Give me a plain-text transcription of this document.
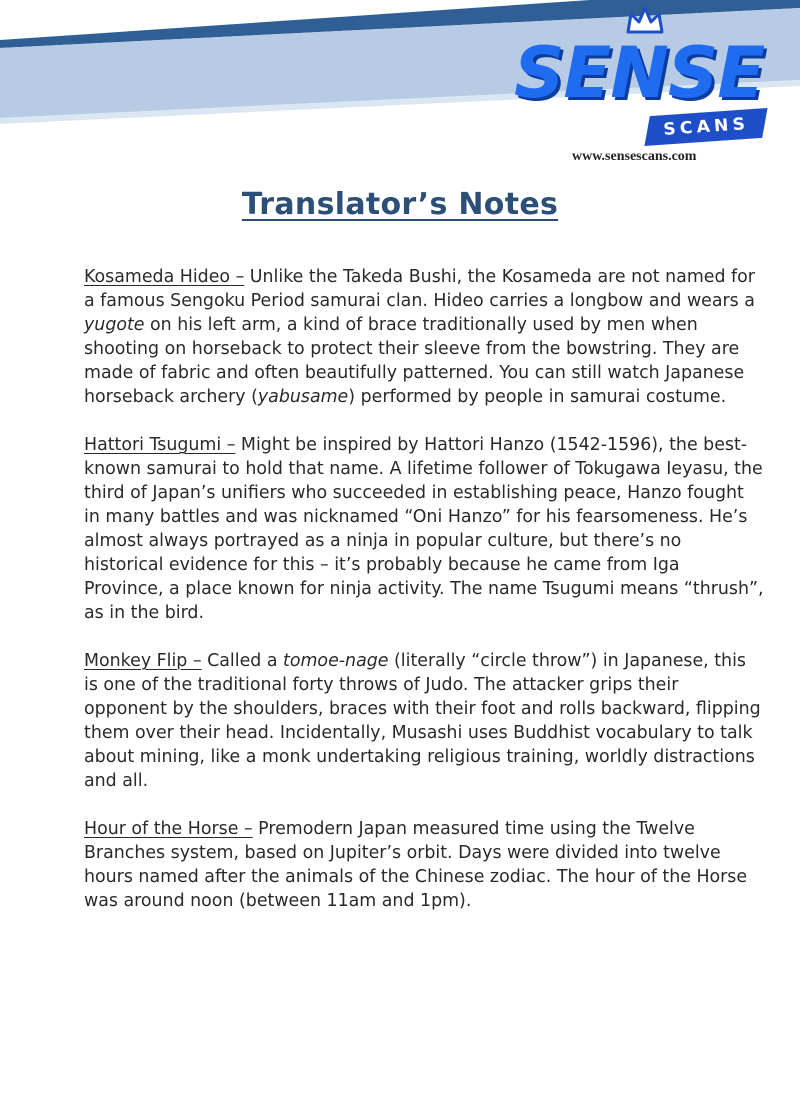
SENSE
SCANS
www.sensescans.com
Translator’s Notes

Kosameda Hideo – Unlike the Takeda Bushi, the Kosameda are not named for a famous Sengoku Period samurai clan. Hideo carries a longbow and wears a yugote on his left arm, a kind of brace traditionally used by men when shooting on horseback to protect their sleeve from the bowstring. They are made of fabric and often beautifully patterned. You can still watch Japanese horseback archery (yabusame) performed by people in samurai costume.

Hattori Tsugumi – Might be inspired by Hattori Hanzo (1542-1596), the best-known samurai to hold that name. A lifetime follower of Tokugawa Ieyasu, the third of Japan’s unifiers who succeeded in establishing peace, Hanzo fought in many battles and was nicknamed “Oni Hanzo” for his fearsomeness. He’s almost always portrayed as a ninja in popular culture, but there’s no historical evidence for this – it’s probably because he came from Iga Province, a place known for ninja activity. The name Tsugumi means “thrush”, as in the bird.

Monkey Flip – Called a tomoe-nage (literally “circle throw”) in Japanese, this is one of the traditional forty throws of Judo. The attacker grips their opponent by the shoulders, braces with their foot and rolls backward, flipping them over their head. Incidentally, Musashi uses Buddhist vocabulary to talk about mining, like a monk undertaking religious training, worldly distractions and all.

Hour of the Horse – Premodern Japan measured time using the Twelve Branches system, based on Jupiter’s orbit. Days were divided into twelve hours named after the animals of the Chinese zodiac. The hour of the Horse was around noon (between 11am and 1pm).
